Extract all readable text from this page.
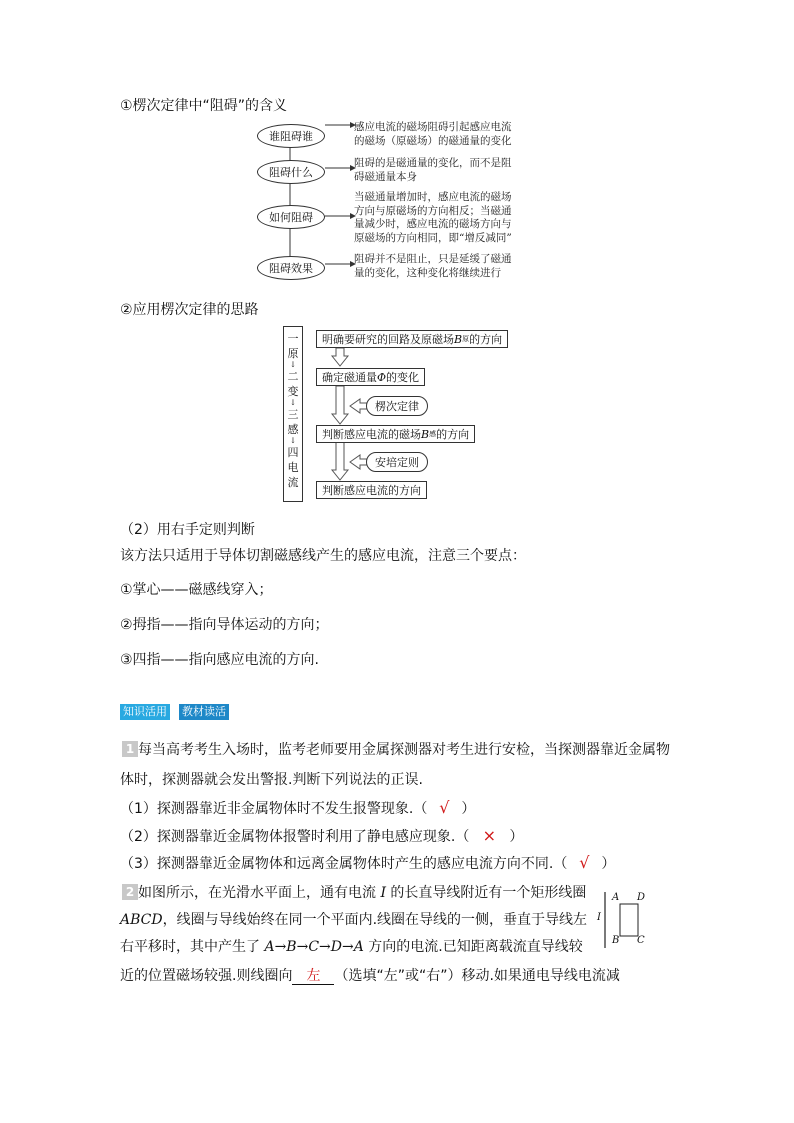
①楞次定律中“阻碍”的含义
谁阻碍谁
感应电流的磁场阻碍引起感应电流
的磁场（原磁场）的磁通量的变化
阻碍什么
阻碍的是磁通量的变化，而不是阻
碍磁通量本身
如何阻碍
当磁通量增加时，感应电流的磁场
方向与原磁场的方向相反；当磁通
量减少时，感应电流的磁场方向与
原磁场的方向相同，即“增反减同”
阻碍效果
阻碍并不是阻止，只是延缓了磁通
量的变化，这种变化将继续进行
②应用楞次定律的思路
一
原
↓
二
变
↓
三
感
↓
四
电
流
明确要研究的回路及原磁场 B 原 的方向
确定磁通量 Φ 的变化
楞次定律
判断感应电流的磁场 B 感 的方向
安培定则
判断感应电流的方向
（2）用右手定则判断
该方法只适用于导体切割磁感线产生的感应电流，注意三个要点：
①掌心——磁感线穿入；
②拇指——指向导体运动的方向；
③四指——指向感应电流的方向.
知识活用 教材读活
1 每当高考考生入场时，监考老师要用金属探测器对考生进行安检，当探测器靠近金属物
体时，探测器就会发出警报.判断下列说法的正误.
（1）探测器靠近非金属物体时不发生报警现象.（ √ ）
（2）探测器靠近金属物体报警时利用了静电感应现象.（ × ）
（3）探测器靠近金属物体和远离金属物体时产生的感应电流方向不同.（ √ ）
2 如图所示，在光滑水平面上，通有电流 I 的长直导线附近有一个矩形线圈
ABCD，线圈与导线始终在同一个平面内.线圈在导线的一侧，垂直于导线左
右平移时，其中产生了 A→B→C→D→A 方向的电流.已知距离载流直导线较
近的位置磁场较强.则线圈向 左 （选填“左”或“右”）移动.如果通电导线电流减
I
A D
B C
